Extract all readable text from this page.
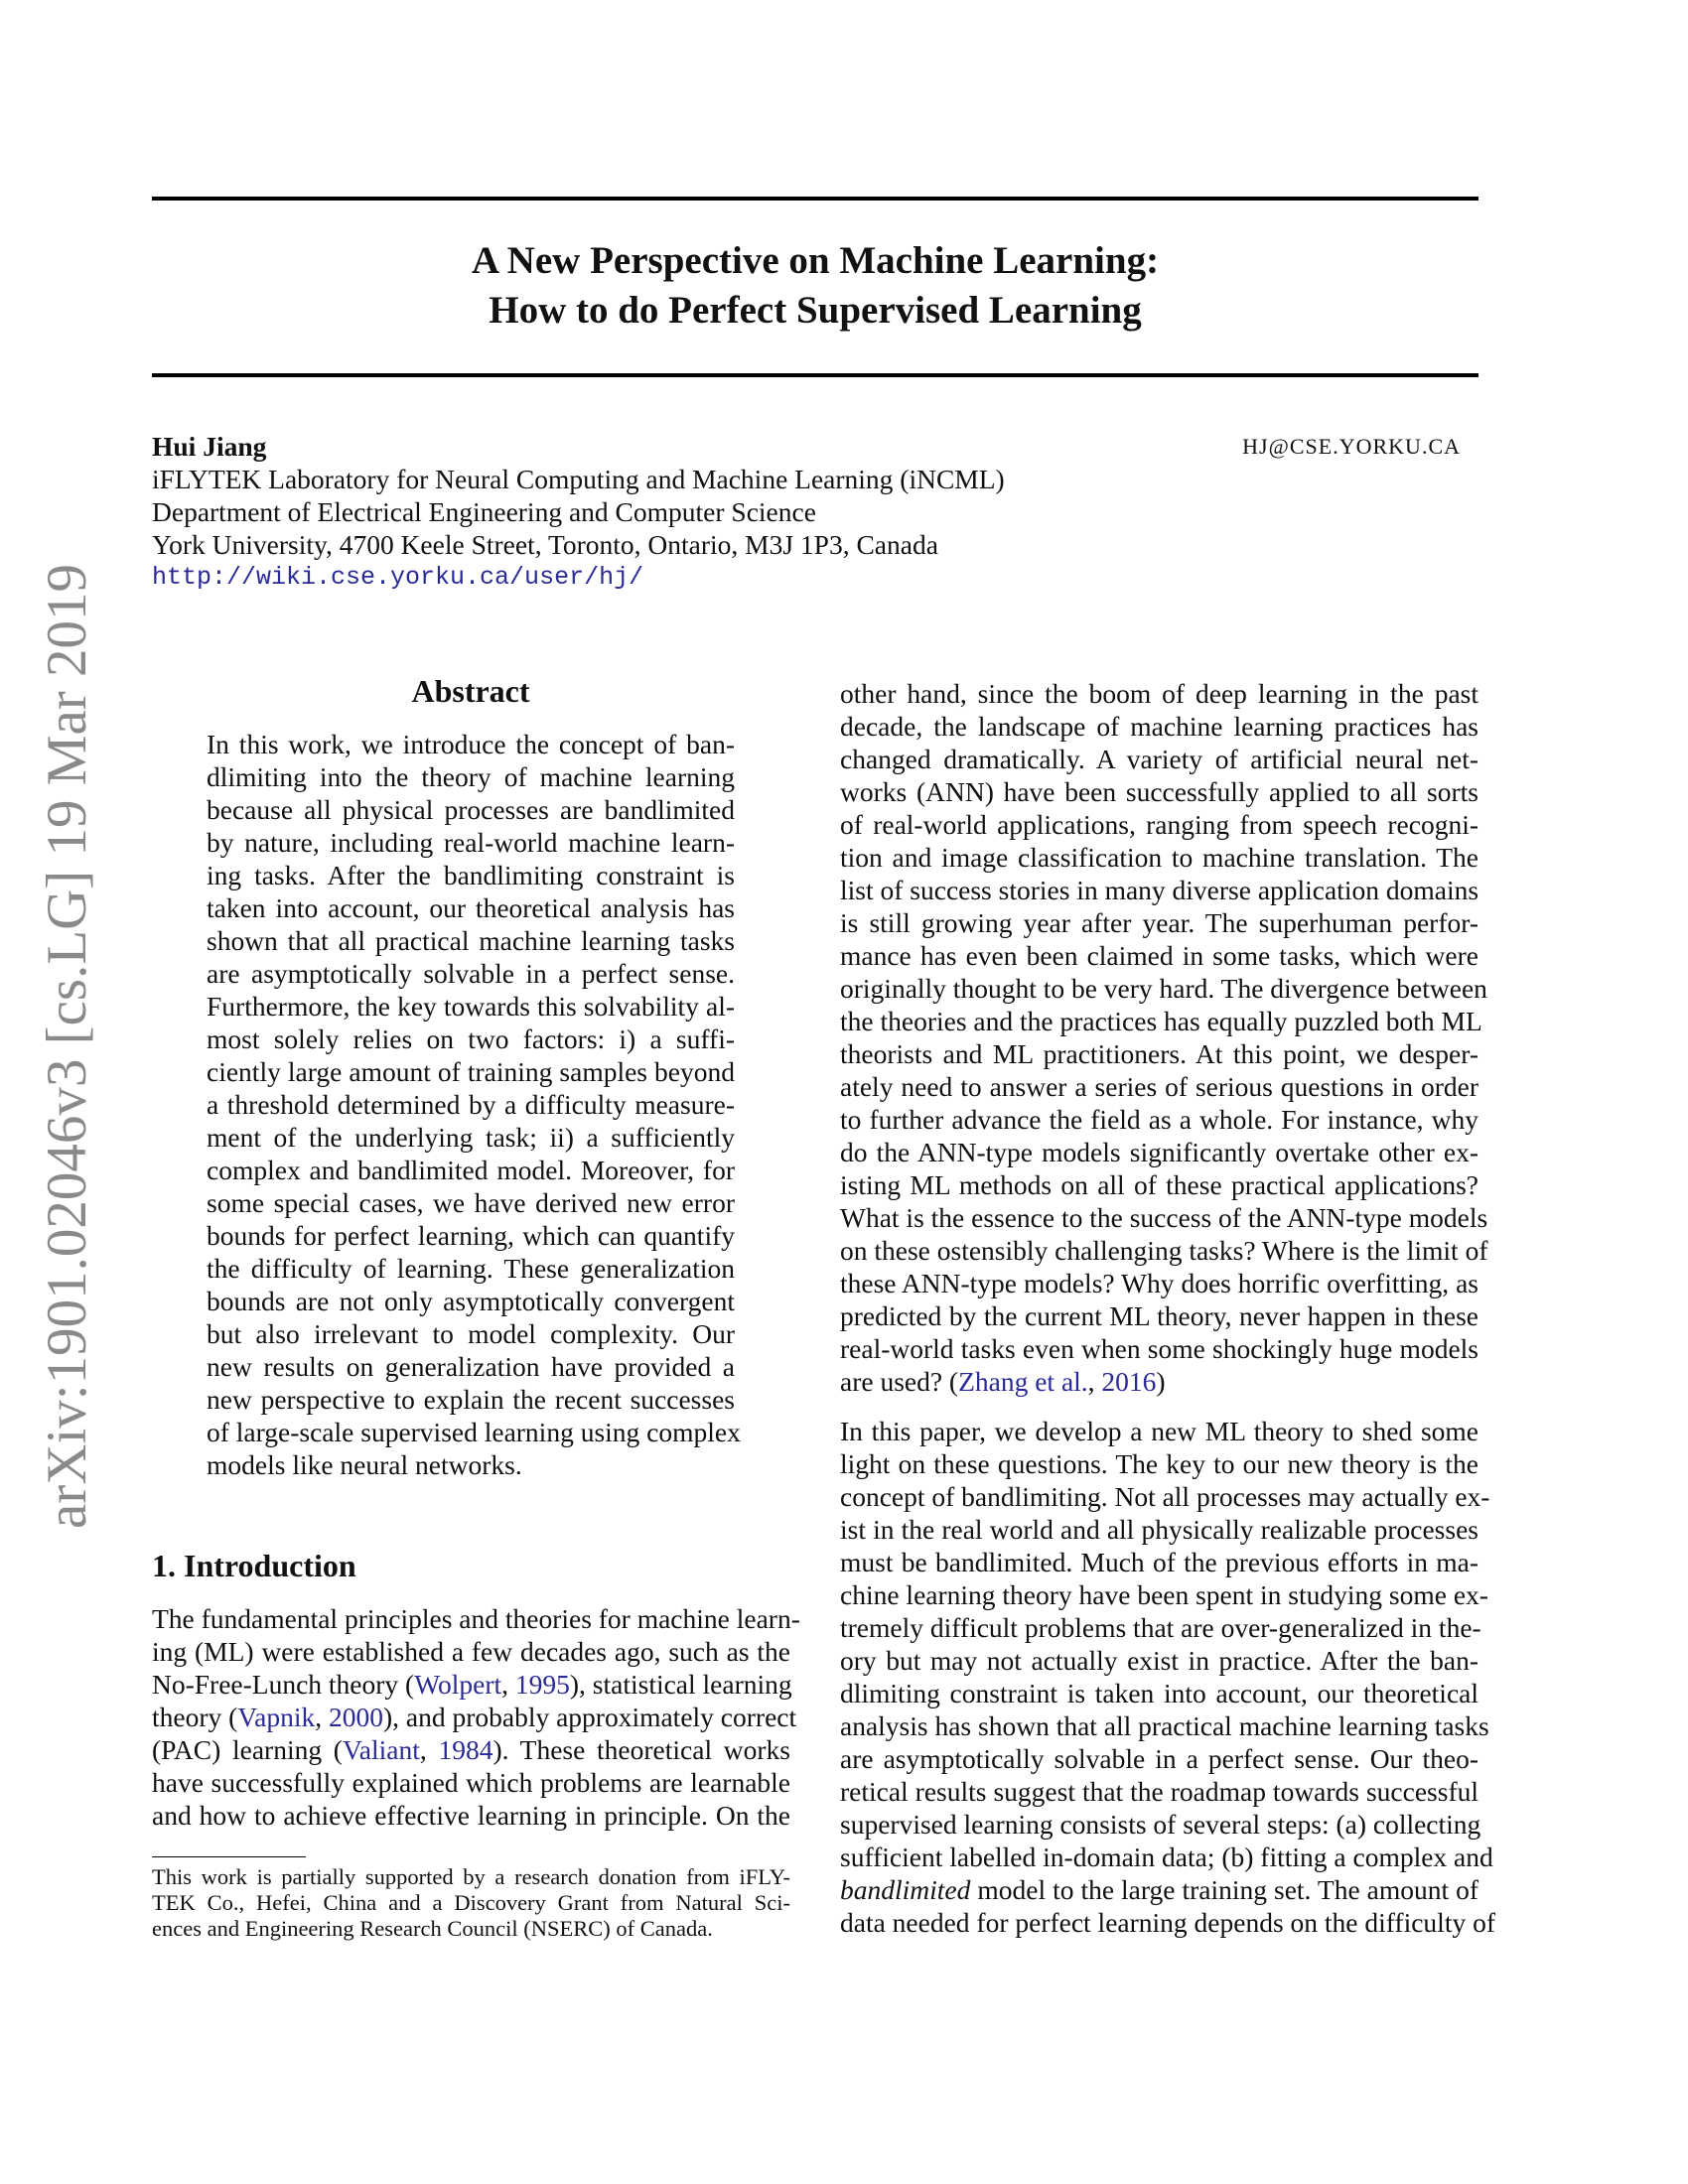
arXiv:1901.02046v3 [cs.LG] 19 Mar 2019
A New Perspective on Machine Learning:
How to do Perfect Supervised Learning
Hui Jiang
iFLYTEK Laboratory for Neural Computing and Machine Learning (iNCML)
Department of Electrical Engineering and Computer Science
York University, 4700 Keele Street, Toronto, Ontario, M3J 1P3, Canada
http://wiki.cse.yorku.ca/user/hj/
HJ@CSE.YORKU.CA
Abstract
In this work, we introduce the concept of ban-
dlimiting into the theory of machine learning
because all physical processes are bandlimited
by nature, including real-world machine learn-
ing tasks. After the bandlimiting constraint is
taken into account, our theoretical analysis has
shown that all practical machine learning tasks
are asymptotically solvable in a perfect sense.
Furthermore, the key towards this solvability al-
most solely relies on two factors: i) a suffi-
ciently large amount of training samples beyond
a threshold determined by a difficulty measure-
ment of the underlying task; ii) a sufficiently
complex and bandlimited model. Moreover, for
some special cases, we have derived new error
bounds for perfect learning, which can quantify
the difficulty of learning. These generalization
bounds are not only asymptotically convergent
but also irrelevant to model complexity. Our
new results on generalization have provided a
new perspective to explain the recent successes
of large-scale supervised learning using complex
models like neural networks.
1. Introduction
The fundamental principles and theories for machine learn-
ing (ML) were established a few decades ago, such as the
No-Free-Lunch theory (Wolpert, 1995), statistical learning
theory (Vapnik, 2000), and probably approximately correct
(PAC) learning (Valiant, 1984). These theoretical works
have successfully explained which problems are learnable
and how to achieve effective learning in principle. On the
other hand, since the boom of deep learning in the past
decade, the landscape of machine learning practices has
changed dramatically. A variety of artificial neural net-
works (ANN) have been successfully applied to all sorts
of real-world applications, ranging from speech recogni-
tion and image classification to machine translation. The
list of success stories in many diverse application domains
is still growing year after year. The superhuman perfor-
mance has even been claimed in some tasks, which were
originally thought to be very hard. The divergence between
the theories and the practices has equally puzzled both ML
theorists and ML practitioners. At this point, we desper-
ately need to answer a series of serious questions in order
to further advance the field as a whole. For instance, why
do the ANN-type models significantly overtake other ex-
isting ML methods on all of these practical applications?
What is the essence to the success of the ANN-type models
on these ostensibly challenging tasks? Where is the limit of
these ANN-type models? Why does horrific overfitting, as
predicted by the current ML theory, never happen in these
real-world tasks even when some shockingly huge models
are used? (Zhang et al., 2016)
In this paper, we develop a new ML theory to shed some
light on these questions. The key to our new theory is the
concept of bandlimiting. Not all processes may actually ex-
ist in the real world and all physically realizable processes
must be bandlimited. Much of the previous efforts in ma-
chine learning theory have been spent in studying some ex-
tremely difficult problems that are over-generalized in the-
ory but may not actually exist in practice. After the ban-
dlimiting constraint is taken into account, our theoretical
analysis has shown that all practical machine learning tasks
are asymptotically solvable in a perfect sense. Our theo-
retical results suggest that the roadmap towards successful
supervised learning consists of several steps: (a) collecting
sufficient labelled in-domain data; (b) fitting a complex and
bandlimited model to the large training set. The amount of
data needed for perfect learning depends on the difficulty of
This work is partially supported by a research donation from iFLY-
TEK Co., Hefei, China and a Discovery Grant from Natural Sci-
ences and Engineering Research Council (NSERC) of Canada.
